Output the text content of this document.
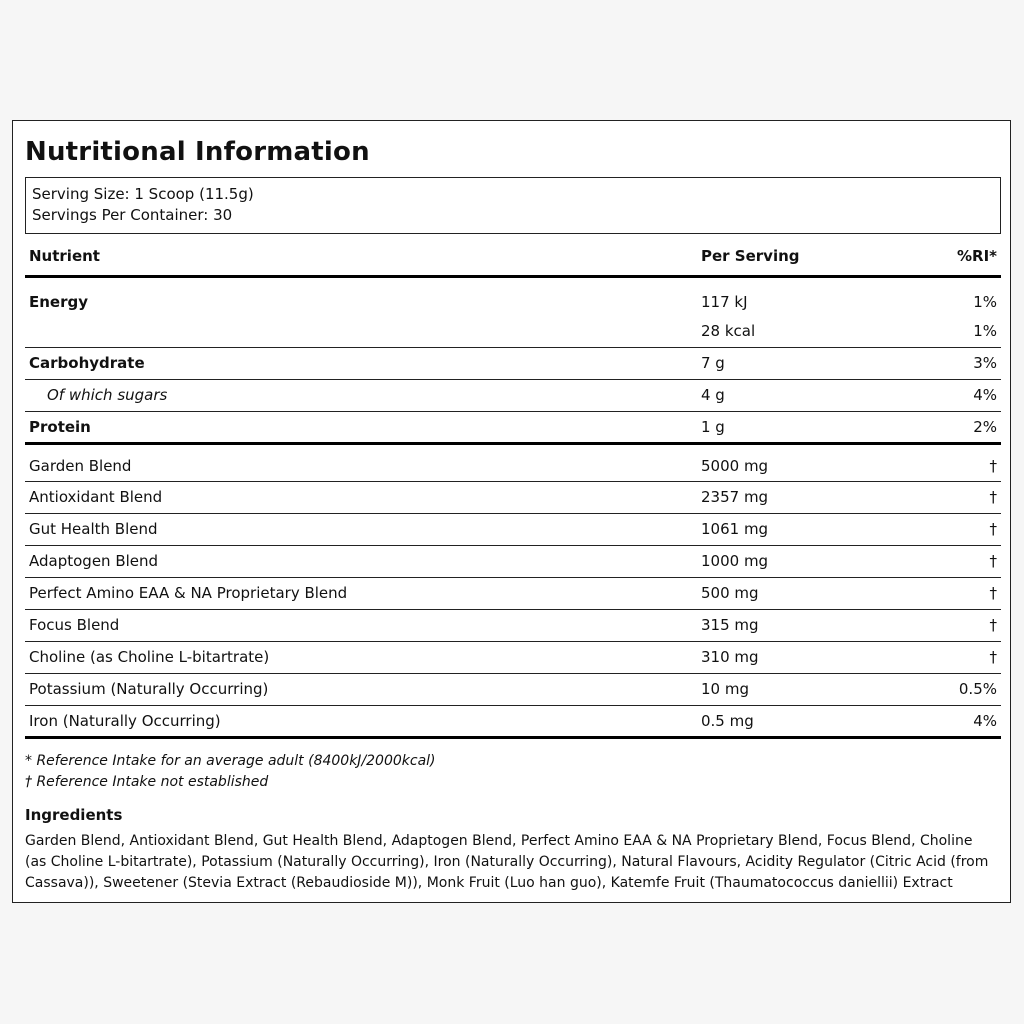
Nutritional Information
Serving Size: 1 Scoop (11.5g)
Servings Per Container: 30
Nutrient	Per Serving	%RI*
Energy	117 kJ	1%
	28 kcal	1%
Carbohydrate	7 g	3%
Of which sugars	4 g	4%
Protein	1 g	2%
Garden Blend	5000 mg	†
Antioxidant Blend	2357 mg	†
Gut Health Blend	1061 mg	†
Adaptogen Blend	1000 mg	†
Perfect Amino EAA & NA Proprietary Blend	500 mg	†
Focus Blend	315 mg	†
Choline (as Choline L-bitartrate)	310 mg	†
Potassium (Naturally Occurring)	10 mg	0.5%
Iron (Naturally Occurring)	0.5 mg	4%
* Reference Intake for an average adult (8400kJ/2000kcal)
† Reference Intake not established
Ingredients

Garden Blend, Antioxidant Blend, Gut Health Blend, Adaptogen Blend, Perfect Amino EAA & NA Proprietary Blend, Focus Blend, Choline (as Choline L-bitartrate), Potassium (Naturally Occurring), Iron (Naturally Occurring), Natural Flavours, Acidity Regulator (Citric Acid (from Cassava)), Sweetener (Stevia Extract (Rebaudioside M)), Monk Fruit (Luo han guo), Katemfe Fruit (Thaumatococcus daniellii) Extract
